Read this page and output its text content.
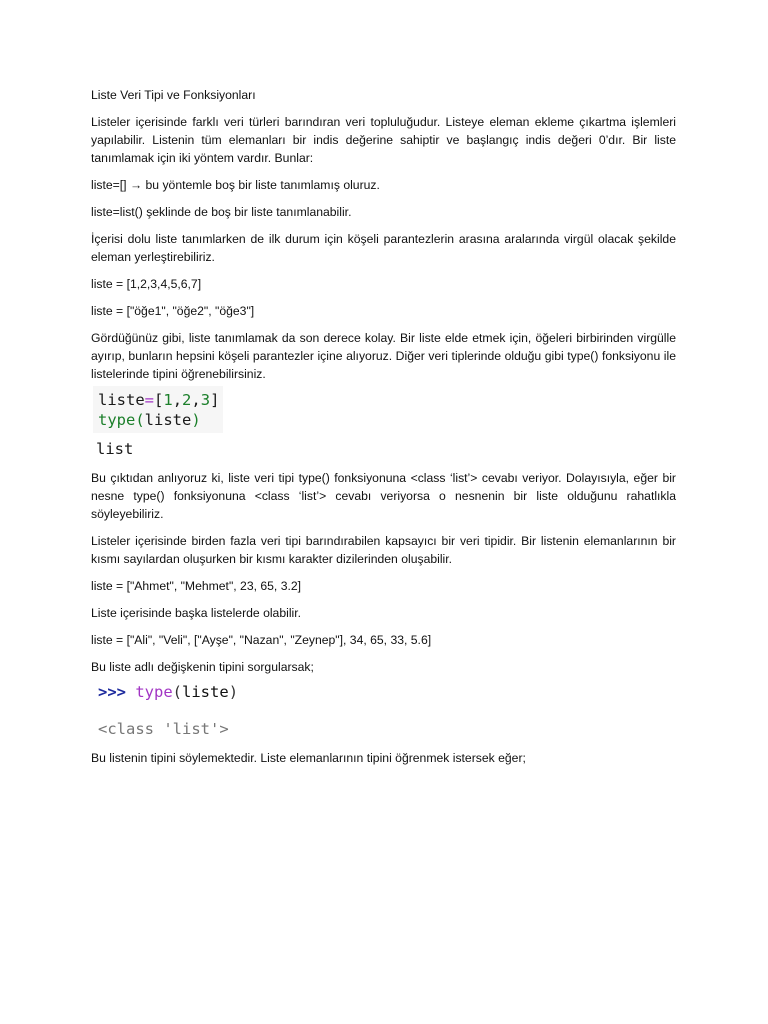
Liste Veri Tipi ve Fonksiyonları

Listeler içerisinde farklı veri türleri barındıran veri topluluğudur. Listeye eleman ekleme çıkartma işlemleri yapılabilir. Listenin tüm elemanları bir indis değerine sahiptir ve başlangıç indis değeri 0’dır. Bir liste tanımlamak için iki yöntem vardır. Bunlar:

liste=[] → bu yöntemle boş bir liste tanımlamış oluruz.

liste=list() şeklinde de boş bir liste tanımlanabilir.

İçerisi dolu liste tanımlarken de ilk durum için köşeli parantezlerin arasına aralarında virgül olacak şekilde eleman yerleştirebiliriz.

liste = [1,2,3,4,5,6,7]

liste = ["öğe1", "öğe2", "öğe3"]

Gördüğünüz gibi, liste tanımlamak da son derece kolay. Bir liste elde etmek için, öğeleri birbirinden virgülle ayırıp, bunların hepsini köşeli parantezler içine alıyoruz. Diğer veri tiplerinde olduğu gibi type() fonksiyonu ile listelerinde tipini öğrenebilirsiniz.

liste=[1,2,3]
type(liste)
list

Bu çıktıdan anlıyoruz ki, liste veri tipi type() fonksiyonuna <class ‘list’> cevabı veriyor. Dolayısıyla, eğer bir nesne type() fonksiyonuna <class ‘list’> cevabı veriyorsa o nesnenin bir liste olduğunu rahatlıkla söyleyebiliriz.

Listeler içerisinde birden fazla veri tipi barındırabilen kapsayıcı bir veri tipidir. Bir listenin elemanlarının bir kısmı sayılardan oluşurken bir kısmı karakter dizilerinden oluşabilir.

liste = ["Ahmet", "Mehmet", 23, 65, 3.2]

Liste içerisinde başka listelerde olabilir.

liste = ["Ali", "Veli", ["Ayşe", "Nazan", "Zeynep"], 34, 65, 33, 5.6]

Bu liste adlı değişkenin tipini sorgularsak;

>>> type(liste)
<class 'list'>

Bu listenin tipini söylemektedir. Liste elemanlarının tipini öğrenmek istersek eğer;
